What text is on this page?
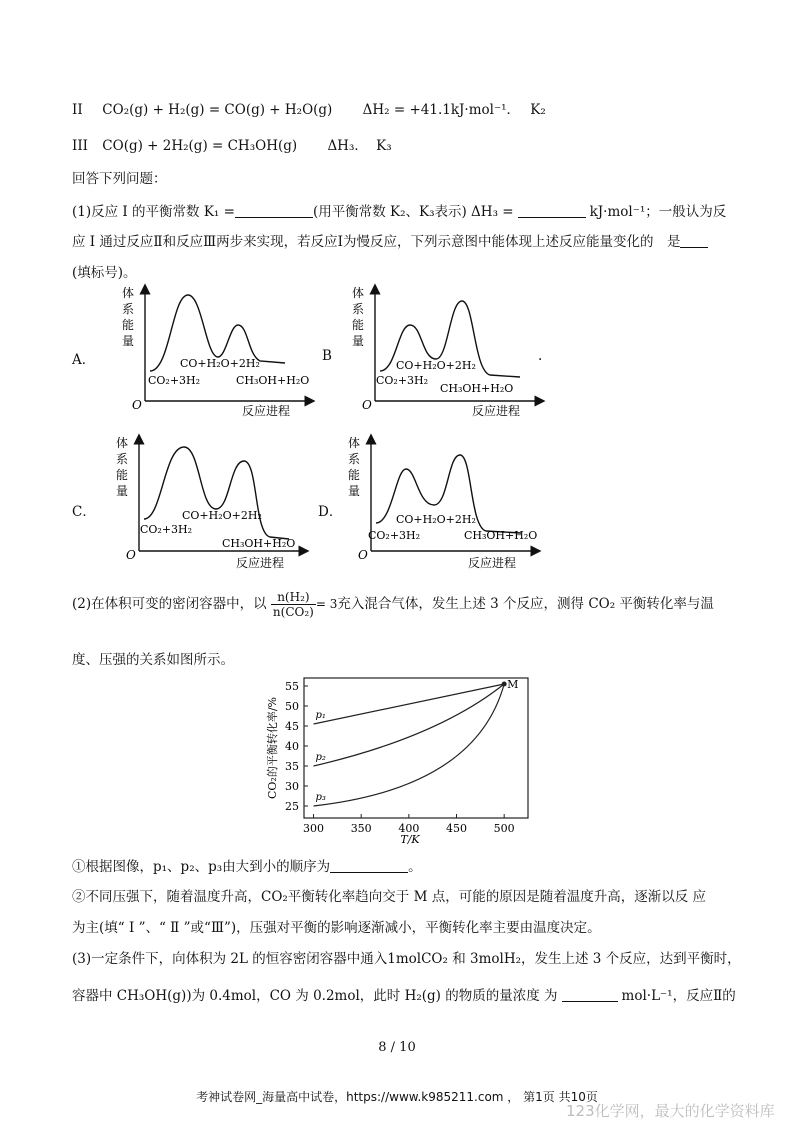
II CO₂(g) + H₂(g) = CO(g) + H₂O(g) ΔH₂ = +41.1kJ·mol⁻¹． K₂
III CO(g) + 2H₂(g) = CH₃OH(g) ΔH₃． K₃
回答下列问题：
(1)反应 Ⅰ 的平衡常数 K₁ =	(用平衡常数 K₂、K₃表示) ΔH₃ =	kJ·mol⁻¹；一般认为反
应 Ⅰ 通过反应Ⅱ和反应Ⅲ两步来实现，若反应Ⅰ为慢反应，下列示意图中能体现上述反应能量变化的　是
(填标号)。
A．	B	.
C．	D．
体
系
能
量
O	反应进程
CO+H₂O+2H₂
CO₂+3H₂	CH₃OH+H₂O
体
系
能
量
O	反应进程
CO+H₂O+2H₂
CO₂+3H₂
CH₃OH+H₂O
体
系
能
量
O
反应进程
CO+H₂O+2H₂
CO₂+3H₂
CH₃OH+H₂O
体
系
能
量
O
反应进程
CO+H₂O+2H₂
CO₂+3H₂	CH₃OH+H₂O
(2)在体积可变的密闭容器中，以 $\frac{\text{n(H₂)}}{\text{n(CO₂)}} = 3$充入混合气体，发生上述 3 个反应，测得 CO₂ 平衡转化率与温
度、压强的关系如图所示。
25
30
35
40
45
50
55
300 350 400 450 500
T/K
CO₂的平衡转化率/%	p₁
p₂
p₃
M
①根据图像，p₁、p₂、p₃由大到小的顺序为	。
②不同压强下，随着温度升高，CO₂平衡转化率趋向交于 M 点，可能的原因是随着温度升高，逐渐以反 应
为主(填“ Ⅰ ”、“ Ⅱ ”或“Ⅲ”)，压强对平衡的影响逐渐减小，平衡转化率主要由温度决定。
(3)一定条件下，向体积为 2L 的恒容密闭容器中通入1molCO₂ 和 3molH₂，发生上述 3 个反应，达到平衡时，
容器中 CH₃OH(g))为 0.4mol，CO 为 0.2mol，此时 H₂(g) 的物质的量浓度 为	mol·L⁻¹，反应Ⅱ的
8 / 10
考神试卷网_海量高中试卷，https://www.k985211.com ， 第1页 共10页
123化学网，最大的化学资料库
